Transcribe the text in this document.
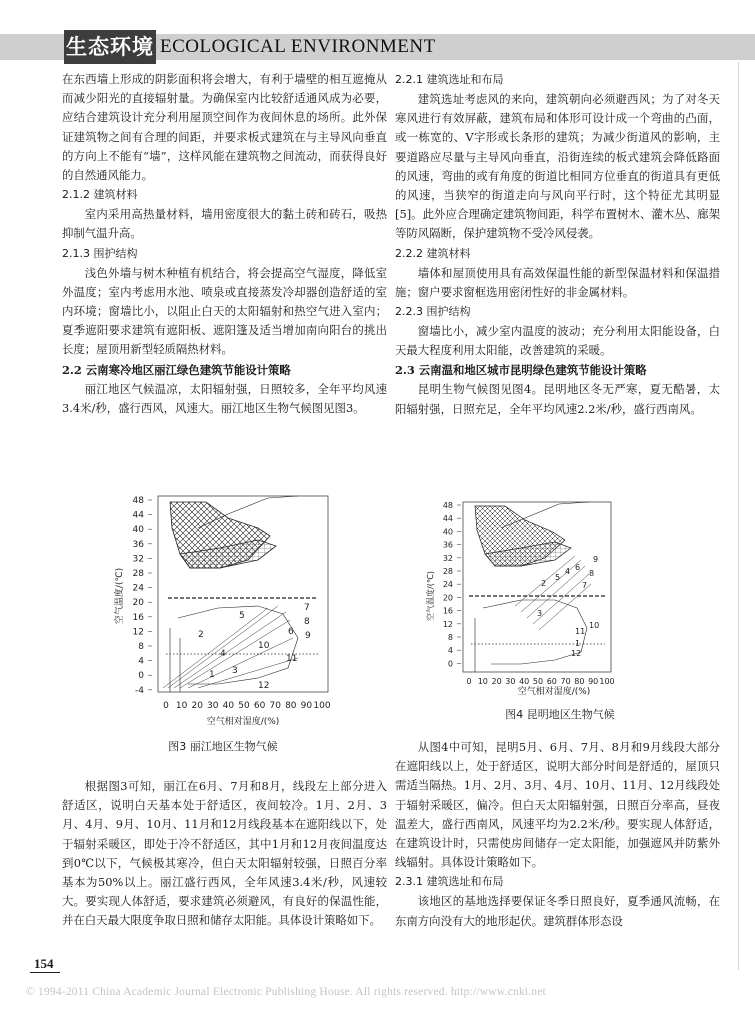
生态环境 ECOLOGICAL ENVIRONMENT

在东西墙上形成的阴影面积将会增大，有利于墙壁的相互遮掩从而减少阳光的直接辐射量。为确保室内比较舒适通风成为必要，应结合建筑设计充分利用屋顶空间作为夜间休息的场所。此外保证建筑物之间有合理的间距，并要求板式建筑在与主导风向垂直的方向上不能有“墙”，这样风能在建筑物之间流动，而获得良好的自然通风能力。

2.1.2 建筑材料

室内采用高热量材料，墙用密度很大的黏土砖和砖石，吸热抑制气温升高。

2.1.3 围护结构

浅色外墙与树木种植有机结合，将会提高空气湿度，降低室外温度；室内考虑用水池、喷泉或直接蒸发冷却器创造舒适的室内环境；窗墙比小，以阻止白天的太阳辐射和热空气进入室内；夏季遮阳要求建筑有遮阳板、遮阳篷及适当增加南向阳台的挑出长度；屋顶用新型轻质隔热材料。

2.2 云南寒冷地区丽江绿色建筑节能设计策略

丽江地区气候温凉，太阳辐射强，日照较多，全年平均风速3.4米/秒，盛行西风，风速大。丽江地区生物气候图见图3。

根据图3可知，丽江在6月、7月和8月，线段左上部分进入舒适区，说明白天基本处于舒适区，夜间较冷。1月、2月、3月、4月、9月、10月、11月和12月线段基本在遮阳线以下，处于辐射采暖区，即处于冷不舒适区，其中1月和12月夜间温度达到0℃以下，气候极其寒冷，但白天太阳辐射较强，日照百分率基本为50%以上。丽江盛行西风，全年风速3.4米/秒，风速较大。要实现人体舒适，要求建筑必须避风，有良好的保温性能，并在白天最大限度争取日照和储存太阳能。具体设计策略如下。

2.2.1 建筑选址和布局

建筑选址考虑风的来向，建筑朝向必须避西风；为了对冬天寒风进行有效屏蔽，建筑布局和体形可设计成一个弯曲的凸面，或一栋宽的、V字形或长条形的建筑；为减少街道风的影响，主要道路应尽量与主导风向垂直，沿街连续的板式建筑会降低路面的风速，弯曲的或有角度的街道比相同方位垂直的街道具有更低的风速，当狭窄的街道走向与风向平行时，这个特征尤其明显[5]。此外应合理确定建筑物间距，科学布置树木、灌木丛、廊架等防风隔断，保护建筑物不受冷风侵袭。

2.2.2 建筑材料

墙体和屋顶使用具有高效保温性能的新型保温材料和保温措施；窗户要求窗框选用密闭性好的非金属材料。

2.2.3 围护结构

窗墙比小，减少室内温度的波动；充分利用太阳能设备，白天最大程度利用太阳能，改善建筑的采暖。

2.3 云南温和地区城市昆明绿色建筑节能设计策略

昆明生物气候图见图4。昆明地区冬无严寒，夏无酷暑，太阳辐射强，日照充足，全年平均风速2.2米/秒，盛行西南风。

从图4中可知，昆明5月、6月、7月、8月和9月线段大部分在遮阳线以上，处于舒适区，说明大部分时间是舒适的，屋顶只需适当隔热。1月、2月、3月、4月、10月、11月、12月线段处于辐射采暖区，偏冷。但白天太阳辐射强，日照百分率高，昼夜温差大，盛行西南风，风速平均为2.2米/秒。要实现人体舒适，在建筑设计时，只需使房间储存一定太阳能，加强遮风并防紫外线辐射。具体设计策略如下。

2.3.1 建筑选址和布局

该地区的基地选择要保证冬季日照良好，夏季通风流畅，在东南方向没有大的地形起伏。建筑群体形态设

48
44
40
36
32
28
24
20
16
12
8
4
0
-4
0 10 20 30 40 50 60 70 80 90 100
1
2
3
4
5
6
7
8
9
10
11
12
空气温度/(℃)
空气相对湿度/(%)
图3 丽江地区生物气候
48
44
40
36
32
28
24
20
16
12
8
4
0
0 10 20 30 40 50 60 70 80 90 100
1
2
3
4
5
6
7
8
9
10
11
12
空气温度/(℃)
空气相对湿度/(%)
图4 昆明地区生物气候
154
© 1994-2011 China Academic Journal Electronic Publishing House. All rights reserved. http://www.cnki.net
